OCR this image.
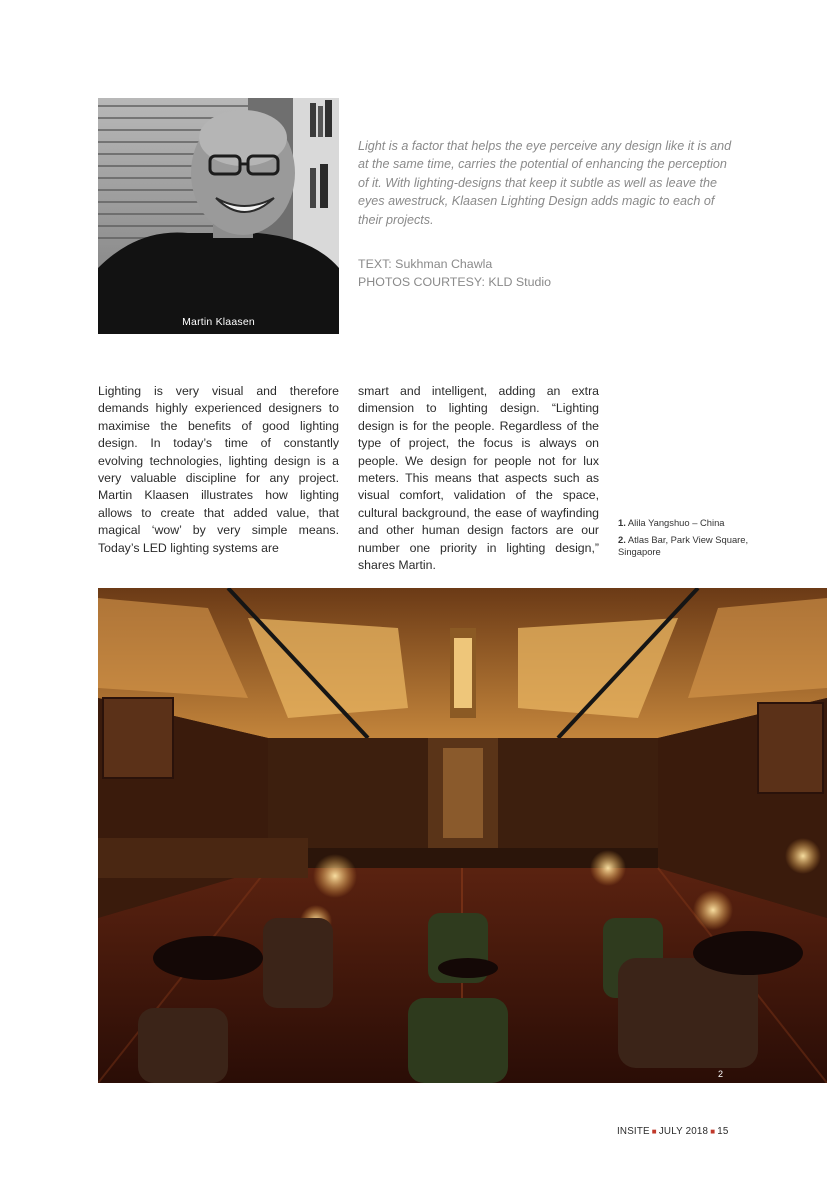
Martin Klaasen
Light is a factor that helps the eye perceive any design like it is and at the same time, carries the potential of enhancing the perception of it. With lighting-designs that keep it subtle as well as leave the eyes awestruck, Klaasen Lighting Design adds magic to each of their projects.
TEXT: Sukhman Chawla
PHOTOS COURTESY: KLD Studio
Lighting is very visual and therefore demands highly experienced designers to maximise the benefits of good lighting design. In today’s time of constantly evolving technologies, lighting design is a very valuable discipline for any project. Martin Klaasen illustrates how lighting allows to create that added value, that magical ‘wow’ by very simple means. Today’s LED lighting systems are
smart and intelligent, adding an extra dimension to lighting design. “Lighting design is for the people. Regardless of the type of project, the focus is always on people. We design for people not for lux meters. This means that aspects such as visual comfort, validation of the space, cultural background, the ease of wayfinding and other human design factors are our number one priority in lighting design,” shares Martin.
1. Alila Yangshuo – China
2. Atlas Bar, Park View Square, Singapore
2
INSITE ■ JULY 2018 ■ 15
